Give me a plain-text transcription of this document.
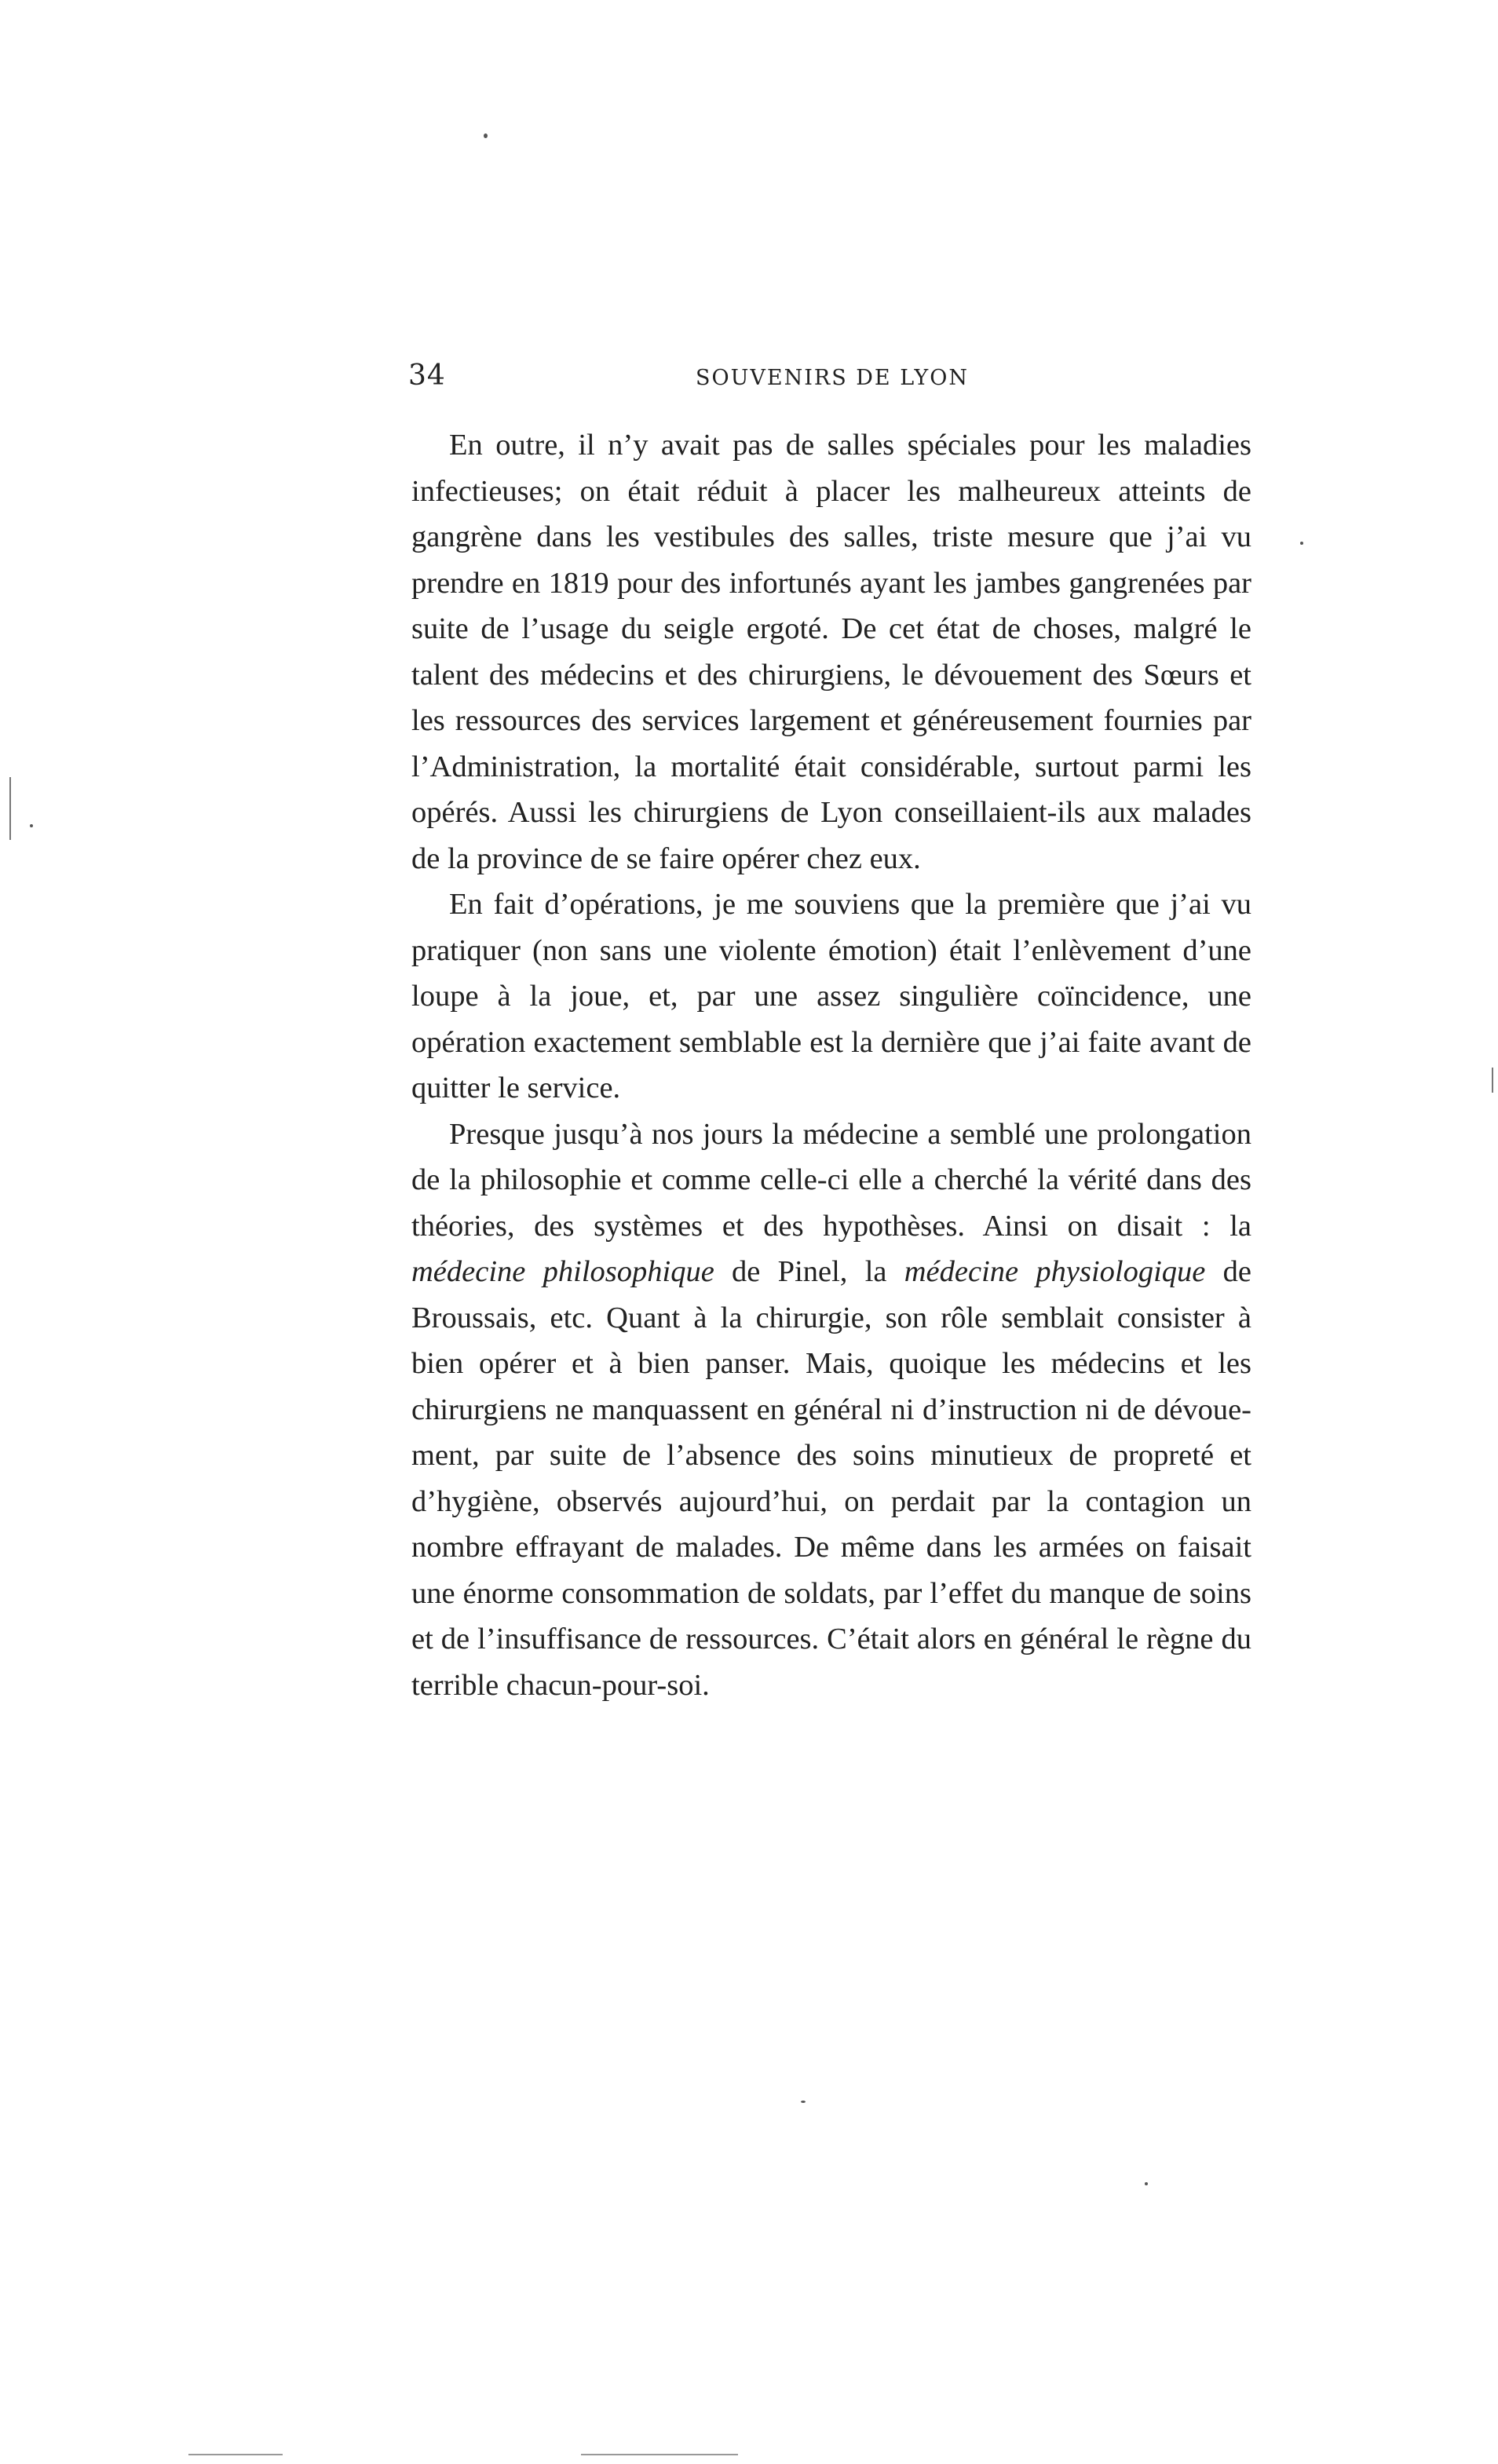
34	SOUVENIRS DE LYON

En outre, il n’y avait pas de salles spéciales pour les maladies infectieuses; on était réduit à placer les malheureux atteints de gangrène dans les vestibules des salles, triste mesure que j’ai vu prendre en 1819 pour des infortunés ayant les jambes gangrenées par suite de l’usage du seigle ergoté. De cet état de choses, malgré le talent des médecins et des chirurgiens, le dévouement des Sœurs et les ressources des services largement et généreusement fournies par l’Administration, la mortalité était considérable, surtout parmi les opérés. Aussi les chirurgiens de Lyon conseillaient-ils aux malades de la province de se faire opérer chez eux.

En fait d’opérations, je me souviens que la première que j’ai vu pratiquer (non sans une violente émotion) était l’enlèvement d’une loupe à la joue, et, par une assez singulière coïncidence, une opération exactement semblable est la dernière que j’ai faite avant de quitter le service.

Presque jusqu’à nos jours la médecine a semblé une prolongation de la philosophie et comme celle-ci elle a cherché la vérité dans des théories, des systèmes et des hypothèses. Ainsi on disait : la médecine philosophique de Pinel, la médecine physiologique de Broussais, etc. Quant à la chirurgie, son rôle semblait consister à bien opérer et à bien panser. Mais, quoique les médecins et les chirurgiens ne manquassent en général ni d’instruction ni de dévouement, par suite de l’absence des soins minutieux de propreté et d’hygiène, observés aujourd’hui, on perdait par la contagion un nombre effrayant de malades. De même dans les armées on faisait une énorme consommation de soldats, par l’effet du manque de soins et de l’insuffisance de ressources. C’était alors en général le règne du terrible chacun-pour-soi.
